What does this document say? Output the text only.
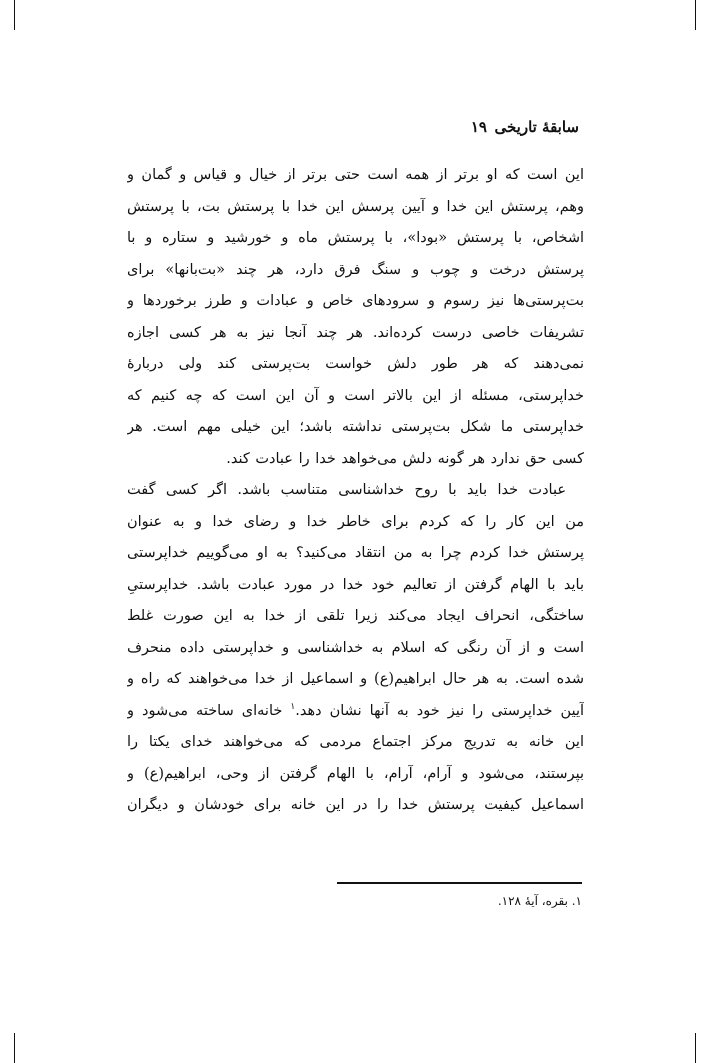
سابقهٔ تاریخی
۱۹
این است که او برتر از همه است حتی برتر از خیال و قیاس و گمان و
وهم، پرستش این خدا و آیین پرسش این خدا با پرستش بت، با پرستش
اشخاص، با پرستش «بودا»، با پرستش ماه و خورشید و ستاره و با
پرستش درخت و چوب و سنگ فرق دارد، هر چند «بت‌بانها» برای
بت‌پرستی‌ها نیز رسوم و سرودهای خاص و عبادات و طرز برخوردها و
تشریفات خاصی درست کرده‌اند. هر چند آنجا نیز به هر کسی اجازه
نمی‌دهند که هر طور دلش خواست بت‌پرستی کند ولی دربارهٔ
خداپرستی، مسئله از این بالاتر است و آن این است که چه کنیم که
خداپرستی ما شکل بت‌پرستی نداشته باشد؛ این خیلی مهم است. هر
کسی حق ندارد هر گونه دلش می‌خواهد خدا را عبادت کند.
عبادت خدا باید با روح خداشناسی متناسب باشد. اگر کسی گفت
من این کار را که کردم برای خاطر خدا و رضای خدا و به عنوان
پرستش خدا کردم چرا به من انتقاد می‌کنید؟ به او می‌گوییم خداپرستی
باید با الهام گرفتن از تعالیم خود خدا در مورد عبادت باشد. خداپرستیِ
ساختگی، انحراف ایجاد می‌کند زیرا تلقی از خدا به این صورت غلط
است و از آن رنگی که اسلام به خداشناسی و خداپرستی داده منحرف
شده است. به هر حال ابراهیم(ع) و اسماعیل از خدا می‌خواهند که راه و
آیین خداپرستی را نیز خود به آنها نشان دهد.$^۱$ خانه‌ای ساخته می‌شود و
این خانه به تدریج مرکز اجتماع مردمی که می‌خواهند خدای یکتا را
بپرستند، می‌شود و آرام، آرام، با الهام گرفتن از وحی، ابراهیم(ع) و
اسماعیل کیفیت پرستش خدا را در این خانه برای خودشان و دیگران
۱. بقره، آیهٔ ۱۲۸.
